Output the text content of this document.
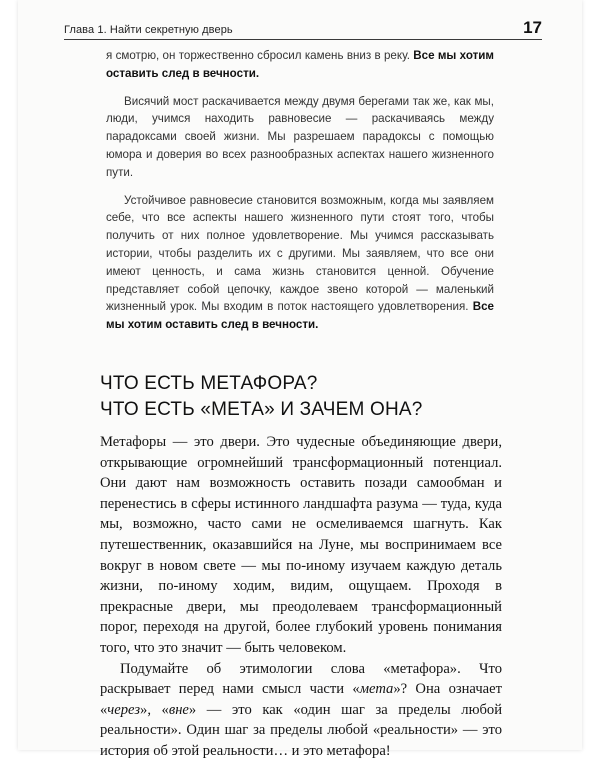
Глава 1. Найти секретную дверь	17

я смотрю, он торжественно сбросил камень вниз в реку. Все мы хотим оставить след в вечности.

Висячий мост раскачивается между двумя берегами так же, как мы, люди, учимся находить равновесие — раскачиваясь между парадоксами своей жизни. Мы разрешаем парадоксы с помощью юмора и доверия во всех разнообразных аспектах нашего жизненного пути.

Устойчивое равновесие становится возможным, когда мы заявляем себе, что все аспекты нашего жизненного пути стоят того, чтобы получить от них полное удовлетворение. Мы учимся рассказывать истории, чтобы разделить их с другими. Мы заявляем, что все они имеют ценность, и сама жизнь становится ценной. Обучение представляет собой цепочку, каждое звено которой — маленький жизненный урок. Мы входим в поток настоящего удовлетворения. Все мы хотим оставить след в вечности.

ЧТО ЕСТЬ МЕТАФОРА?
ЧТО ЕСТЬ «МЕТА» И ЗАЧЕМ ОНА?

Метафоры — это двери. Это чудесные объединяющие двери, открывающие огромнейший трансформационный потенциал. Они дают нам возможность оставить позади самообман и перенестись в сферы истинного ландшафта разума — туда, куда мы, возможно, часто сами не осмеливаемся шагнуть. Как путешественник, оказавшийся на Луне, мы воспринимаем все вокруг в новом свете — мы по-иному изучаем каждую деталь жизни, по-иному ходим, видим, ощущаем. Проходя в прекрасные двери, мы преодолеваем трансформационный порог, переходя на другой, более глубокий уровень понимания того, что это значит — быть человеком.

Подумайте об этимологии слова «метафора». Что раскрывает перед нами смысл части «мета»? Она означает «через», «вне» — это как «один шаг за пределы любой реальности». Один шаг за пределы любой «реальности» — это история об этой реальности… и это метафора!
